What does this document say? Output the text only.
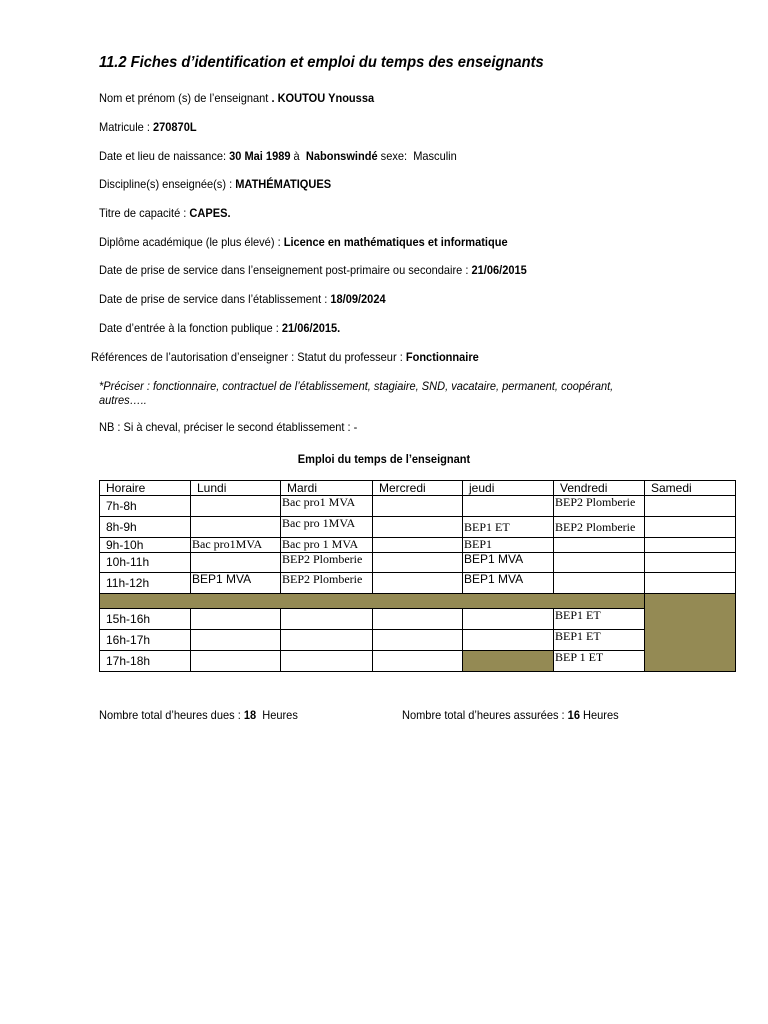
11.2 Fiches d’identification et emploi du temps des enseignants
Nom et prénom (s) de l’enseignant . KOUTOU Ynoussa
Matricule : 270870L
Date et lieu de naissance: 30 Mai 1989 à  Nabonswindé sexe:  Masculin
Discipline(s) enseignée(s) : MATHÉMATIQUES
Titre de capacité : CAPES.
Diplôme académique (le plus élevé) : Licence en mathématiques et informatique
Date de prise de service dans l’enseignement post-primaire ou secondaire : 21/06/2015
Date de prise de service dans l’établissement : 18/09/2024
Date d’entrée à la fonction publique : 21/06/2015.
Références de l’autorisation d’enseigner : Statut du professeur : Fonctionnaire
*Préciser : fonctionnaire, contractuel de l’établissement, stagiaire, SND, vacataire, permanent, coopérant, autres…..
NB : Si à cheval, préciser le second établissement : -
Emploi du temps de l’enseignant
Horaire	Lundi	Mardi	Mercredi	jeudi	Vendredi	Samedi
7h-8h		Bac pro1 MVA			BEP2 Plomberie	
8h-9h		Bac pro 1MVA		BEP1 ET	BEP2 Plomberie	
9h-10h	Bac pro1MVA	Bac pro 1 MVA		BEP1		
10h-11h		BEP2 Plomberie		BEP1 MVA		

11h-12h	BEP1 MVA	BEP2 Plomberie		BEP1 MVA		

15h-16h					BEP1 ET	
16h-17h					BEP1 ET	
17h-18h					BEP 1 ET	
Nombre total d’heures dues : 18  Heures	Nombre total d’heures assurées : 16 Heures
